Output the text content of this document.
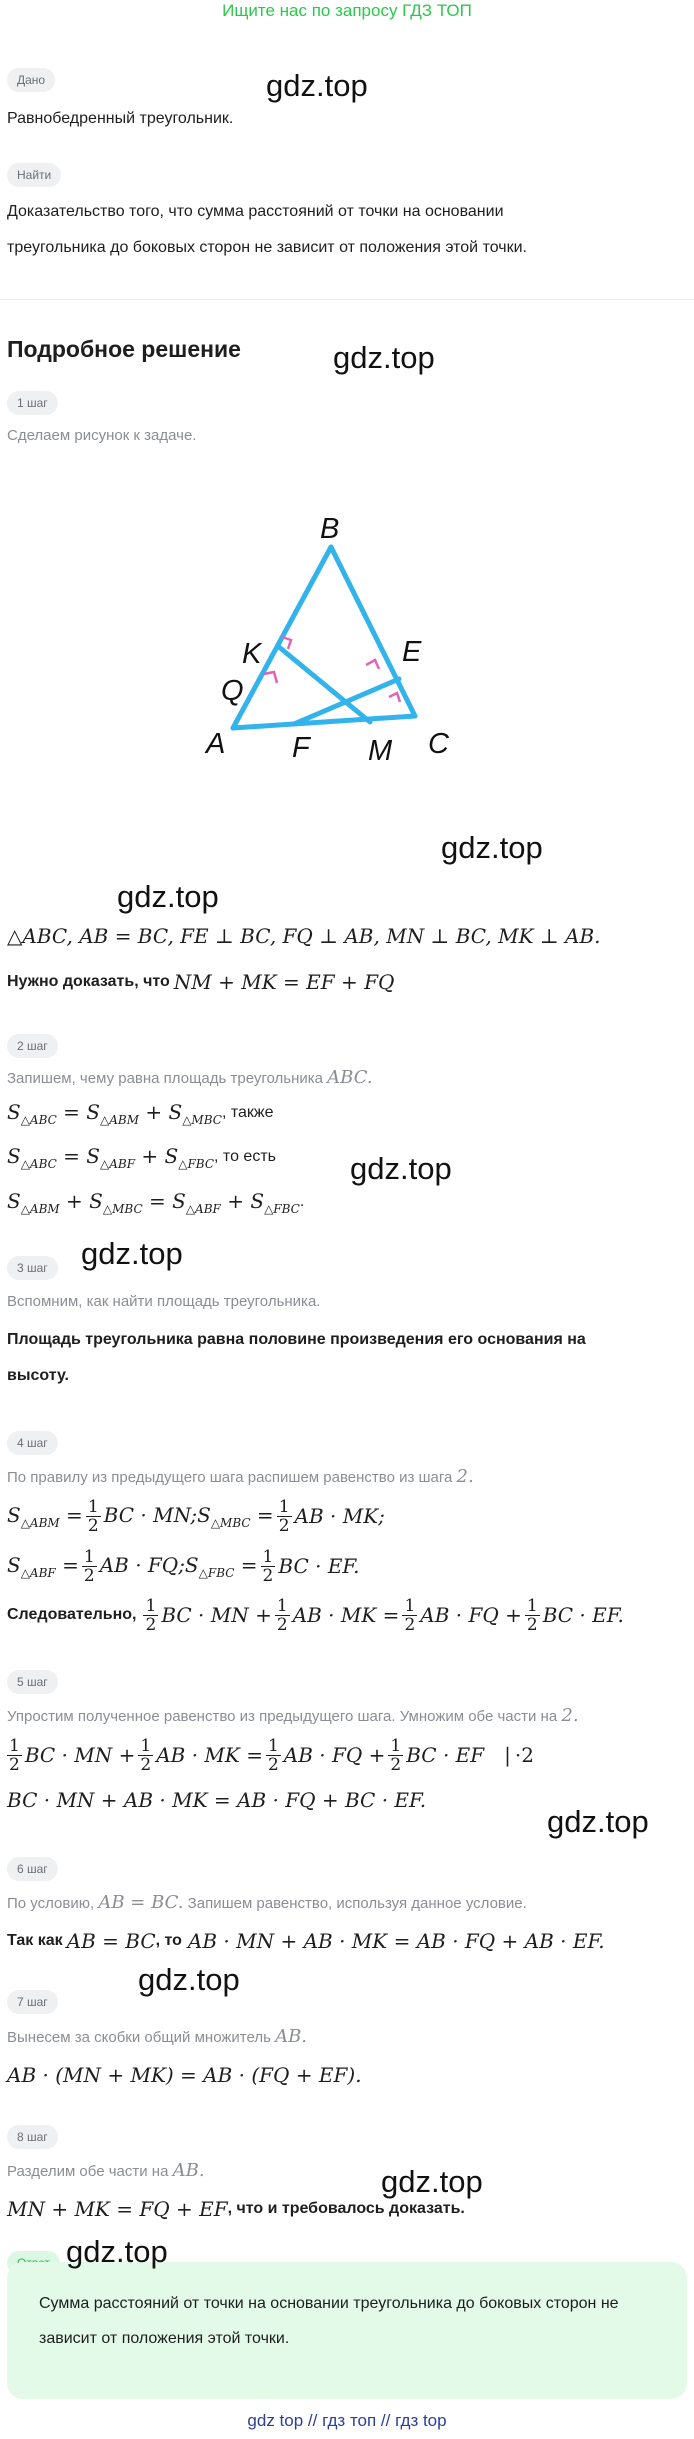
Ищите нас по запросу ГДЗ ТОП
Дано
Равнобедренный треугольник.
Найти
Доказательство того, что сумма расстояний от точки на основании
треугольника до боковых сторон не зависит от положения этой точки.
Подробное решение
1 шаг
Сделаем рисунок к задаче.
B
K	E
Q
A F M C
△ABC, AB = BC, FE ⊥ BC, FQ ⊥ AB, MN ⊥ BC, MK ⊥ AB.
Нужно доказать, что NM + MK = EF + FQ
2 шаг
Запишем, чему равна площадь треугольника ABC.
$S_{\triangle ABC} = S_{\triangle ABM} + S_{\triangle MBC}$ , также
$S_{\triangle ABC} = S_{\triangle ABF} + S_{\triangle FBC}$ , то есть
$S_{\triangle ABM} + S_{\triangle MBC} = S_{\triangle ABF} + S_{\triangle FBC}$ .
3 шаг
Вспомним, как найти площадь треугольника.
Площадь треугольника равна половине произведения его основания на
высоту.
4 шаг
По правилу из предыдущего шага распишем равенство из шага 2.
$S_{\triangle ABM} = \frac{1}{2}$ BC · $MN;S_{\triangle MBC} = \frac{1}{2}$ AB · MK;
$S_{\triangle ABF} = \frac{1}{2}$ AB · $FQ;S_{\triangle FBC} = \frac{1}{2}$ BC · EF.
Следовательно, $\frac{1}{2}$ BC · MN + $\frac{1}{2}$ AB · MK = $\frac{1}{2}$ AB · FQ + $\frac{1}{2}$ BC · EF.
5 шаг
Упростим полученное равенство из предыдущего шага. Умножим обе части на 2.
$\frac{1}{2}$ BC · MN + $\frac{1}{2}$ AB · MK = $\frac{1}{2}$ AB · FQ + $\frac{1}{2}$ BC · EF | ·2
BC · MN + AB · MK = AB · FQ + BC · EF.
6 шаг
По условию, AB = BC. Запишем равенство, используя данное условие.
Так как AB = BC , то AB · MN + AB · MK = AB · FQ + AB · EF.
7 шаг
Вынесем за скобки общий множитель AB.
AB · (MN + MK) = AB · (FQ + EF).
8 шаг
Разделим обе части на AB.
MN + MK = FQ + EF , что и требовалось доказать.
Сумма расстояний от точки на основании треугольника до боковых сторон не зависит от положения этой точки.
gdz.top
gdz.top
gdz.top
gdz.top
gdz.top
gdz.top
gdz.top
gdz.top
gdz.top
gdz.top
gdz top // гдз топ // гдз top
